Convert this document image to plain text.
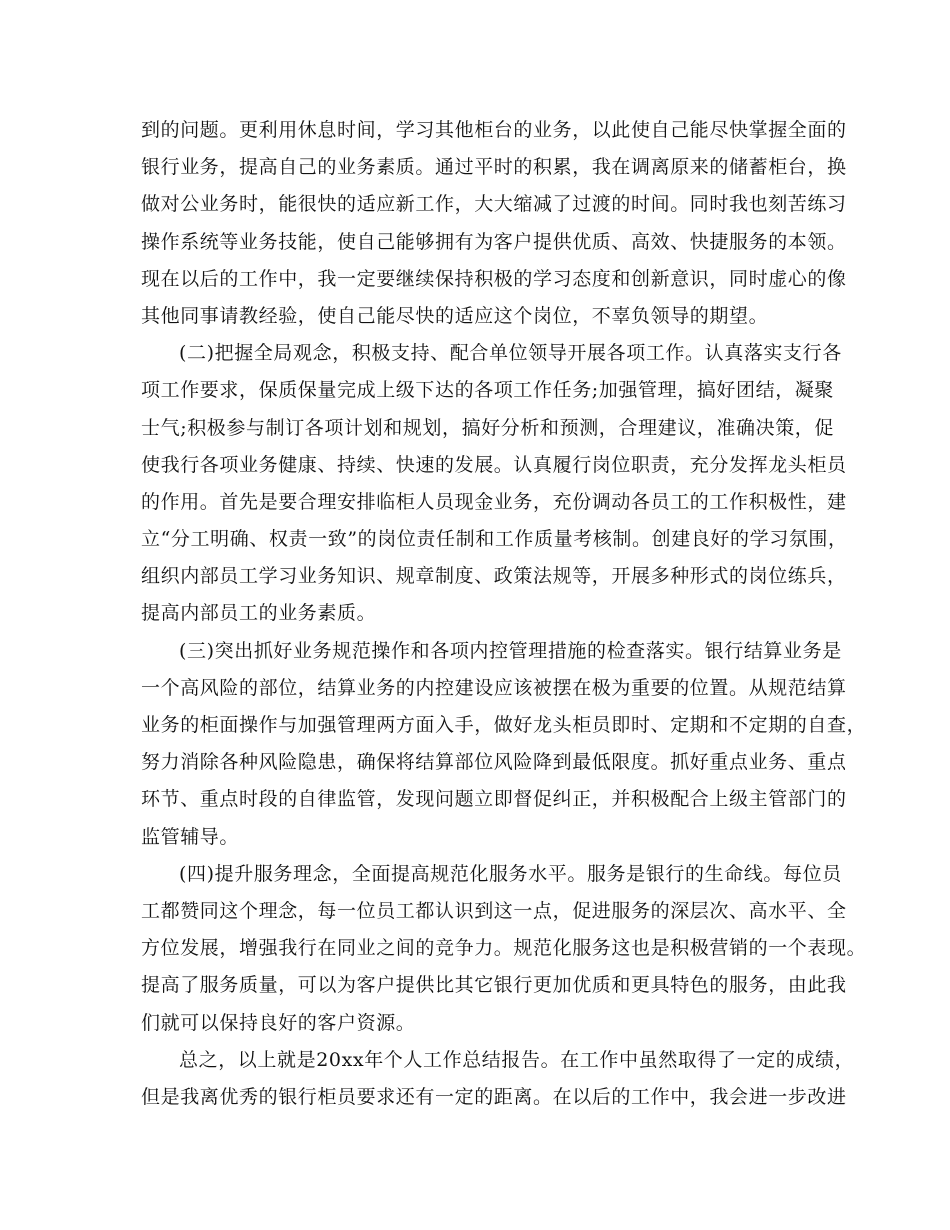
到的问题。更利用休息时间，学习其他柜台的业务，以此使自己能尽快掌握全面的
银行业务，提高自己的业务素质。通过平时的积累，我在调离原来的储蓄柜台，换
做对公业务时，能很快的适应新工作，大大缩减了过渡的时间。同时我也刻苦练习
操作系统等业务技能，使自己能够拥有为客户提供优质、高效、快捷服务的本领。
现在以后的工作中，我一定要继续保持积极的学习态度和创新意识，同时虚心的像
其他同事请教经验，使自己能尽快的适应这个岗位，不辜负领导的期望。
(二)把握全局观念，积极支持、配合单位领导开展各项工作。认真落实支行各
项工作要求，保质保量完成上级下达的各项工作任务;加强管理，搞好团结，凝聚
士气;积极参与制订各项计划和规划，搞好分析和预测，合理建议，准确决策，促
使我行各项业务健康、持续、快速的发展。认真履行岗位职责，充分发挥龙头柜员
的作用。首先是要合理安排临柜人员现金业务，充份调动各员工的工作积极性，建
立“分工明确、权责一致”的岗位责任制和工作质量考核制。创建良好的学习氛围，
组织内部员工学习业务知识、规章制度、政策法规等，开展多种形式的岗位练兵，
提高内部员工的业务素质。
(三)突出抓好业务规范操作和各项内控管理措施的检查落实。银行结算业务是
一个高风险的部位，结算业务的内控建设应该被摆在极为重要的位置。从规范结算
业务的柜面操作与加强管理两方面入手，做好龙头柜员即时、定期和不定期的自查，
努力消除各种风险隐患，确保将结算部位风险降到最低限度。抓好重点业务、重点
环节、重点时段的自律监管，发现问题立即督促纠正，并积极配合上级主管部门的
监管辅导。
(四)提升服务理念，全面提高规范化服务水平。服务是银行的生命线。每位员
工都赞同这个理念，每一位员工都认识到这一点，促进服务的深层次、高水平、全
方位发展，增强我行在同业之间的竞争力。规范化服务这也是积极营销的一个表现。
提高了服务质量，可以为客户提供比其它银行更加优质和更具特色的服务，由此我
们就可以保持良好的客户资源。
总之，以上就是20xx年个人工作总结报告。在工作中虽然取得了一定的成绩，
但是我离优秀的银行柜员要求还有一定的距离。在以后的工作中，我会进一步改进
